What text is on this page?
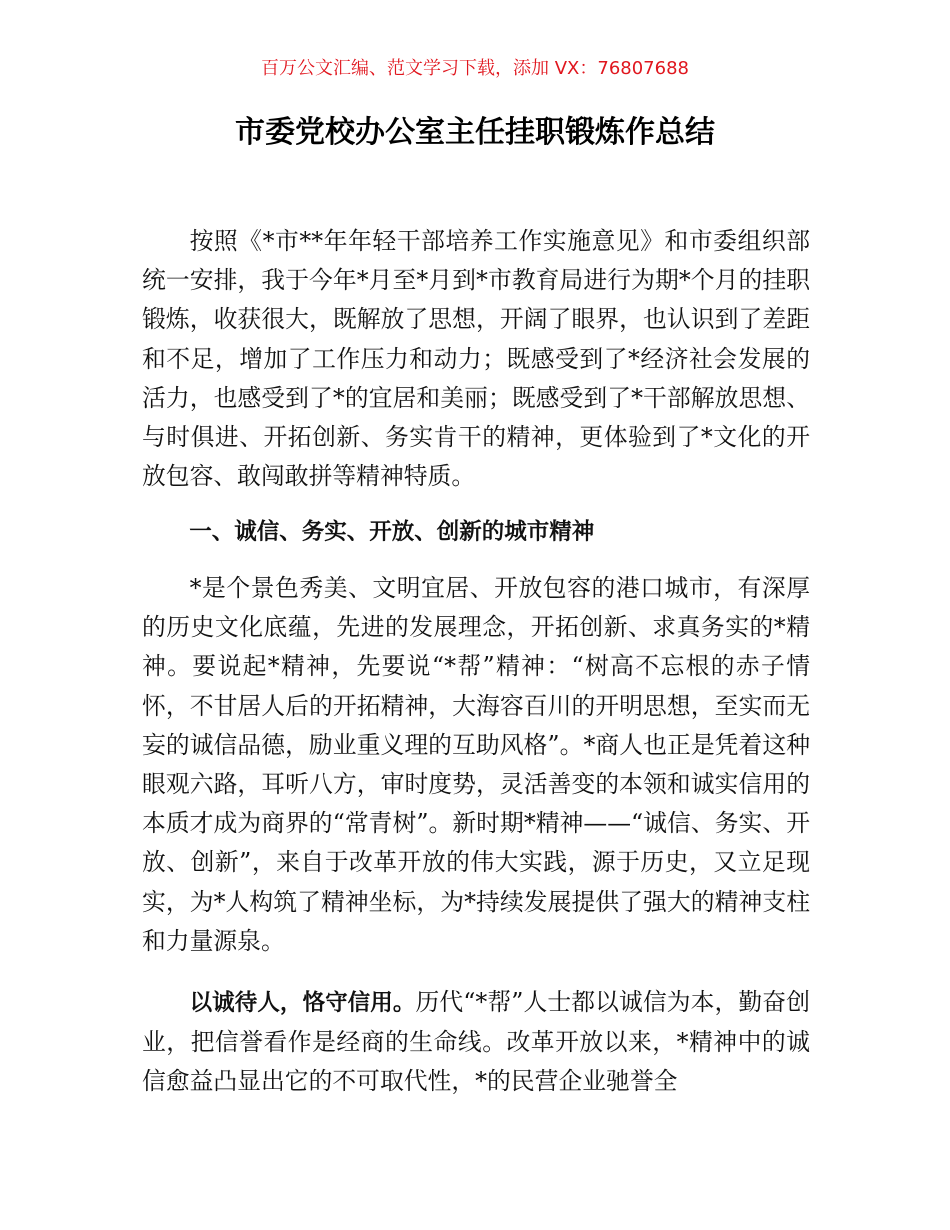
百万公文汇编、范文学习下载，添加 VX：76807688
市委党校办公室主任挂职锻炼作总结

按照《*市**年年轻干部培养工作实施意见》和市委组织部统一安排，我于今年*月至*月到*市教育局进行为期*个月的挂职锻炼，收获很大，既解放了思想，开阔了眼界，也认识到了差距和不足，增加了工作压力和动力；既感受到了*经济社会发展的活力，也感受到了*的宜居和美丽；既感受到了*干部解放思想、与时俱进、开拓创新、务实肯干的精神，更体验到了*文化的开放包容、敢闯敢拼等精神特质。

一、诚信、务实、开放、创新的城市精神

*是个景色秀美、文明宜居、开放包容的港口城市，有深厚的历史文化底蕴，先进的发展理念，开拓创新、求真务实的*精神。要说起*精神，先要说“*帮”精神：“树高不忘根的赤子情怀，不甘居人后的开拓精神，大海容百川的开明思想，至实而无妄的诚信品德，励业重义理的互助风格”。*商人也正是凭着这种眼观六路，耳听八方，审时度势，灵活善变的本领和诚实信用的本质才成为商界的“常青树”。新时期*精神——“诚信、务实、开放、创新”，来自于改革开放的伟大实践，源于历史，又立足现实，为*人构筑了精神坐标，为*持续发展提供了强大的精神支柱和力量源泉。

以诚待人，恪守信用。历代“*帮”人士都以诚信为本，勤奋创业，把信誉看作是经商的生命线。改革开放以来，*精神中的诚信愈益凸显出它的不可取代性，*的民营企业驰誉全
